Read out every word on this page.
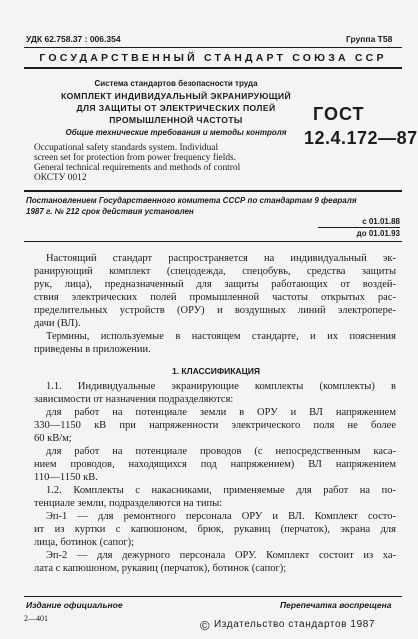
УДК 62.758.37 : 006.354	Группа Т58
ГОСУДАРСТВЕННЫЙ СТАНДАРТ СОЮЗА ССР
Система стандартов безопасности труда
КОМПЛЕКТ ИНДИВИДУАЛЬНЫЙ ЭКРАНИРУЮЩИЙ
ДЛЯ ЗАЩИТЫ ОТ ЭЛЕКТРИЧЕСКИХ ПОЛЕЙ
ПРОМЫШЛЕННОЙ ЧАСТОТЫ
Общие технические требования и методы контроля
ГОСТ
12.4.172—87
Occupational safety standards system. Individual
screen set for protection from power frequency fields.
General technical requirements and methods of control
ОКСТУ 0012
Постановлением Государственного комитета СССР по стандартам 9 февраля
1987 г. № 212 срок действия установлен
с 01.01.88
до 01.01.93
Настоящий стандарт распространяется на индивидуальный эк-
ранирующий комплект (спецодежда, спецобувь, средства защиты
рук, лица), предназначенный для защиты работающих от воздей-
ствия электрических полей промышленной частоты открытых рас-
пределительных устройств (ОРУ) и воздушных линий электропере-
дачи (ВЛ).
Термины, используемые в настоящем стандарте, и их пояснения
приведены в приложении.
1. КЛАССИФИКАЦИЯ
1.1. Индивидуальные экранирующие комплекты (комплекты) в
зависимости от назначения подразделяются:
для работ на потенциале земли в ОРУ и ВЛ напряжением
330—1150 кВ при напряженности электрического поля не более
60 кВ/м;
для работ на потенциале проводов (с непосредственным каса-
нием проводов, находящихся под напряжением) ВЛ напряжением
110—1150 кВ.
1.2. Комплекты с накасниками, применяемые для работ на по-
тенциале земли, подразделяются на типы:
Эп-1 — для ремонтного персонала ОРУ и ВЛ. Комплект состо-
ит из куртки с капюшоном, брюк, рукавиц (перчаток), экрана для
лица, ботинок (сапог);
Эп-2 — для дежурного персонала ОРУ. Комплект состоит из ха-
лата с капюшоном, рукавиц (перчаток), ботинок (сапог);
Издание официальное	Перепечатка воспрещена
2—401	© Издательство стандартов 1987
